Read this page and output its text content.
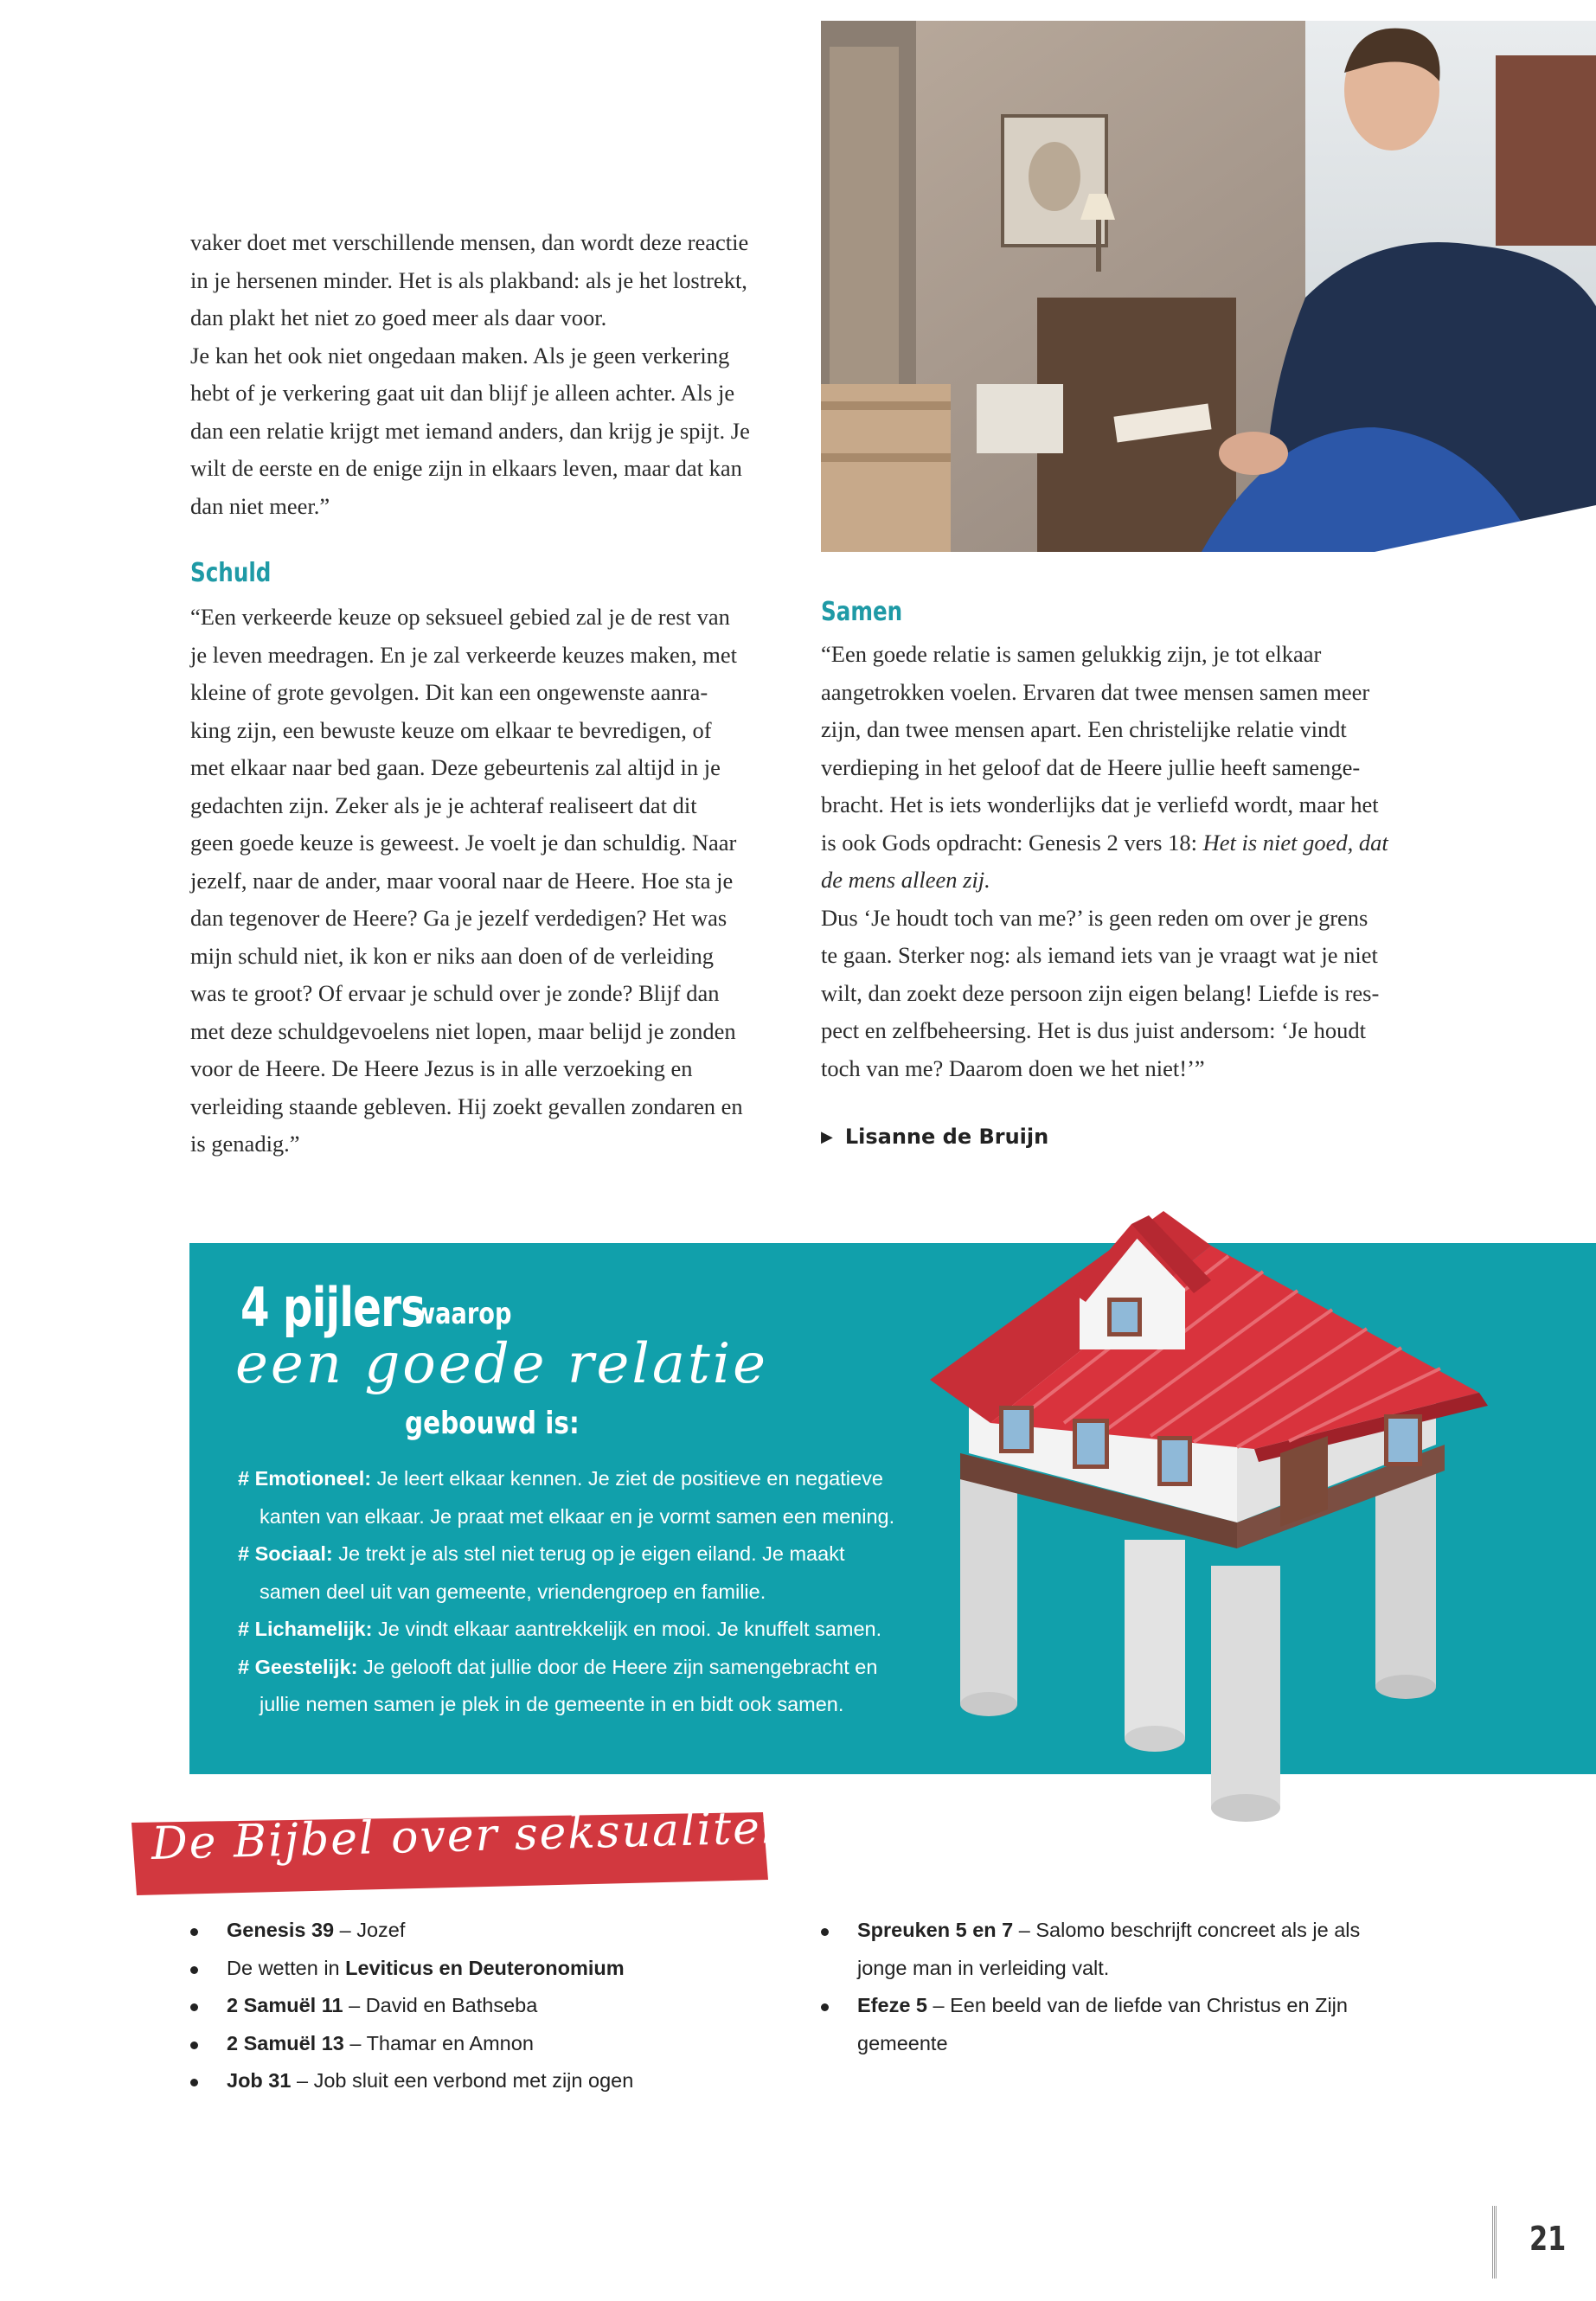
vaker doet met verschillende mensen, dan wordt deze reactie
in je hersenen minder. Het is als plakband: als je het lostrekt,
dan plakt het niet zo goed meer als daar voor.
Je kan het ook niet ongedaan maken. Als je geen verkering
hebt of je verkering gaat uit dan blijf je alleen achter. Als je
dan een relatie krijgt met iemand anders, dan krijg je spijt. Je
wilt de eerste en de enige zijn in elkaars leven, maar dat kan
dan niet meer.”
Schuld
“Een verkeerde keuze op seksueel gebied zal je de rest van
je leven meedragen. En je zal verkeerde keuzes maken, met
kleine of grote gevolgen. Dit kan een ongewenste aanra-
king zijn, een bewuste keuze om elkaar te bevredigen, of
met elkaar naar bed gaan. Deze gebeurtenis zal altijd in je
gedachten zijn. Zeker als je je achteraf realiseert dat dit
geen goede keuze is geweest. Je voelt je dan schuldig. Naar
jezelf, naar de ander, maar vooral naar de Heere. Hoe sta je
dan tegenover de Heere? Ga je jezelf verdedigen? Het was
mijn schuld niet, ik kon er niks aan doen of de verleiding
was te groot? Of ervaar je schuld over je zonde? Blijf dan
met deze schuldgevoelens niet lopen, maar belijd je zonden
voor de Heere. De Heere Jezus is in alle verzoeking en
verleiding staande gebleven. Hij zoekt gevallen zondaren en
is genadig.”
Samen
“Een goede relatie is samen gelukkig zijn, je tot elkaar
aangetrokken voelen. Ervaren dat twee mensen samen meer
zijn, dan twee mensen apart. Een christelijke relatie vindt
verdieping in het geloof dat de Heere jullie heeft samenge-
bracht. Het is iets wonderlijks dat je verliefd wordt, maar het
is ook Gods opdracht: Genesis 2 vers 18: Het is niet goed, dat
de mens alleen zij.
Dus ‘Je houdt toch van me?’ is geen reden om over je grens
te gaan. Sterker nog: als iemand iets van je vraagt wat je niet
wilt, dan zoekt deze persoon zijn eigen belang! Liefde is res-
pect en zelfbeheersing. Het is dus juist andersom: ‘Je houdt
toch van me? Daarom doen we het niet!’”
▶ Lisanne de Bruijn
4 pijlers
waarop
een goede relatie
gebouwd is:
# Emotioneel: Je leert elkaar kennen. Je ziet de positieve en negatieve
kanten van elkaar. Je praat met elkaar en je vormt samen een mening.
# Sociaal: Je trekt je als stel niet terug op je eigen eiland. Je maakt
samen deel uit van gemeente, vriendengroep en familie.
# Lichamelijk: Je vindt elkaar aantrekkelijk en mooi. Je knuffelt samen.
# Geestelijk: Je gelooft dat jullie door de Heere zijn samengebracht en
jullie nemen samen je plek in de gemeente in en bidt ook samen.
De Bijbel over seksualiteit:
Genesis 39 – Jozef
De wetten in Leviticus en Deuteronomium
2 Samuël 11 – David en Bathseba
2 Samuël 13 – Thamar en Amnon
Job 31 – Job sluit een verbond met zijn ogen
Spreuken 5 en 7 – Salomo beschrijft concreet als je als
jonge man in verleiding valt.
Efeze 5 – Een beeld van de liefde van Christus en Zijn
gemeente
21
